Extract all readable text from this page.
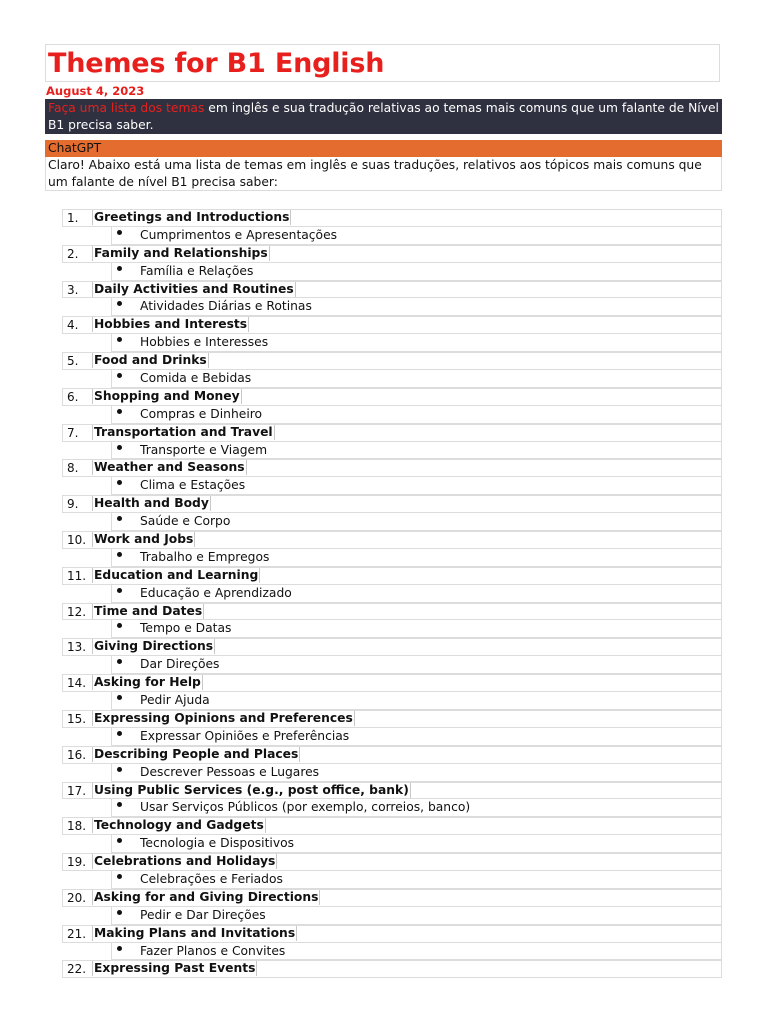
Themes for B1 English
August 4, 2023
Faça uma lista dos temas em inglês e sua tradução relativas ao temas mais comuns que um falante de Nível B1 precisa saber.
ChatGPT
Claro! Abaixo está uma lista de temas em inglês e suas traduções, relativos aos tópicos mais comuns que um falante de nível B1 precisa saber:
1.	Greetings and Introductions
Cumprimentos e Apresentações
2.	Family and Relationships
Família e Relações
3.	Daily Activities and Routines
Atividades Diárias e Rotinas
4.	Hobbies and Interests
Hobbies e Interesses
5.	Food and Drinks
Comida e Bebidas
6.	Shopping and Money
Compras e Dinheiro
7.	Transportation and Travel
Transporte e Viagem
8.	Weather and Seasons
Clima e Estações
9.	Health and Body
Saúde e Corpo
10. Work and Jobs
Trabalho e Empregos
11. Education and Learning
Educação e Aprendizado
12. Time and Dates
Tempo e Datas
13. Giving Directions
Dar Direções
14. Asking for Help
Pedir Ajuda
15. Expressing Opinions and Preferences
Expressar Opiniões e Preferências
16. Describing People and Places
Descrever Pessoas e Lugares
17. Using Public Services (e.g., post office, bank)
Usar Serviços Públicos (por exemplo, correios, banco)
18. Technology and Gadgets
Tecnologia e Dispositivos
19. Celebrations and Holidays
Celebrações e Feriados
20. Asking for and Giving Directions
Pedir e Dar Direções
21. Making Plans and Invitations
Fazer Planos e Convites
22. Expressing Past Events
